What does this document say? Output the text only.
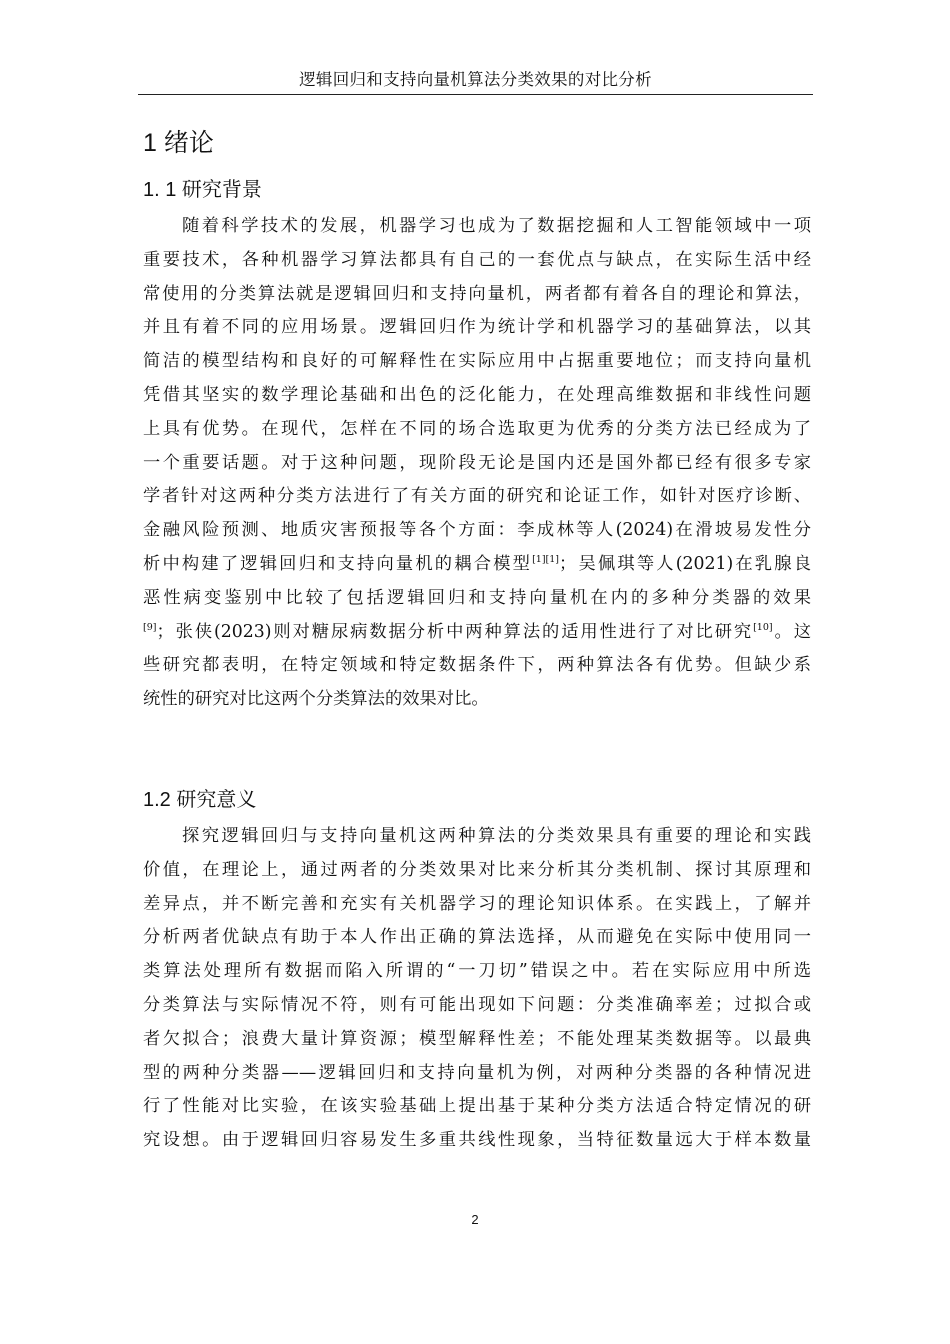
逻辑回归和支持向量机算法分类效果的对比分析
1 绪论
1. 1 研究背景
随着科学技术的发展，机器学习也成为了数据挖掘和人工智能领域中一项
重要技术，各种机器学习算法都具有自己的一套优点与缺点，在实际生活中经
常使用的分类算法就是逻辑回归和支持向量机，两者都有着各自的理论和算法，
并且有着不同的应用场景。逻辑回归作为统计学和机器学习的基础算法，以其
简洁的模型结构和良好的可解释性在实际应用中占据重要地位；而支持向量机
凭借其坚实的数学理论基础和出色的泛化能力，在处理高维数据和非线性问题
上具有优势。在现代，怎样在不同的场合选取更为优秀的分类方法已经成为了
一个重要话题。对于这种问题，现阶段无论是国内还是国外都已经有很多专家
学者针对这两种分类方法进行了有关方面的研究和论证工作，如针对医疗诊断、
金融风险预测、地质灾害预报等各个方面：李成林等人(2024)在滑坡易发性分
析中构建了逻辑回归和支持向量机的耦合模型[1][1]；吴佩琪等人(2021)在乳腺良
恶性病变鉴别中比较了包括逻辑回归和支持向量机在内的多种分类器的效果
[9]；张侠(2023)则对糖尿病数据分析中两种算法的适用性进行了对比研究[10]。这
些研究都表明，在特定领域和特定数据条件下，两种算法各有优势。但缺少系
统性的研究对比这两个分类算法的效果对比。
1.2 研究意义
探究逻辑回归与支持向量机这两种算法的分类效果具有重要的理论和实践
价值，在理论上，通过两者的分类效果对比来分析其分类机制、探讨其原理和
差异点，并不断完善和充实有关机器学习的理论知识体系。在实践上，了解并
分析两者优缺点有助于本人作出正确的算法选择，从而避免在实际中使用同一
类算法处理所有数据而陷入所谓的“一刀切”错误之中。若在实际应用中所选
分类算法与实际情况不符，则有可能出现如下问题：分类准确率差；过拟合或
者欠拟合；浪费大量计算资源；模型解释性差；不能处理某类数据等。以最典
型的两种分类器——逻辑回归和支持向量机为例，对两种分类器的各种情况进
行了性能对比实验，在该实验基础上提出基于某种分类方法适合特定情况的研
究设想。由于逻辑回归容易发生多重共线性现象，当特征数量远大于样本数量
2
